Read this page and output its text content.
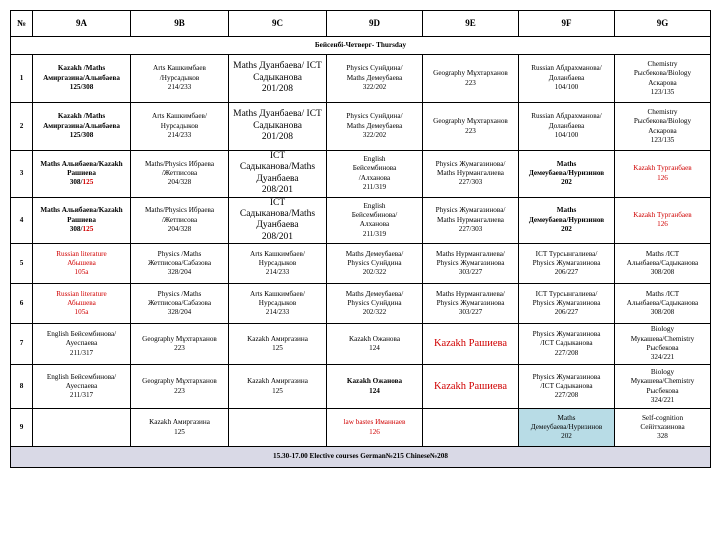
№	9A	9B	9C	9D	9E	9F	9G
Бейсенбі-Четверг- Thursday							
1	Kazakh /Maths
Амиргазина/Альибаева
125/308	Arts Кашкимбаев
/Нурсадыков
214/233	Maths Дуанбаева/ ICT
Садыканова
201/208	Physics Сунйдина/
Maths Демеубаева
322/202	Geography Мұхтарханов
223	Russian Абдрахманова/
Доланбаева
104/100	Chemistry
Рысбекова/Biology
Аскарова
123/135

2	Kazakh /Maths
Амиргазина/Альибаева
125/308	Arts Кашкимбаев/
Нурсадыков
214/233	Maths Дуанбаева/ ICT
Садыканова
201/208	Physics Сунйдина/
Maths Демеубаева
322/202	Geography Мұхтарханов
223	Russian Абдрахманова/
Доланбаева
104/100	Chemistry
Рысбекова/Biology
Аскарова
123/135

3	Maths Альибаева/Kazakh
Рашиева
308/125	Maths/Physics Ибраева
/Жетписова
204/328	ICT
Садыканова/Maths
Дуанбаева
208/201	English
Бейсембинова
/Алханова
211/319	Physics Жумагазинова/
Maths Нурмангалиева
227/303	Maths
Демеубаева/Нуризинов
202	Kazakh Турганбаев
126

4	Maths Альибаева/Kazakh
Рашиева
308/125	Maths/Physics Ибраева
/Жетписова
204/328	ICT
Садыканова/Maths
Дуанбаева
208/201	English
Бейсембинова/
Алханова
211/319	Physics Жумагазинова/
Maths Нурмангалиева
227/303	Maths
Демеубаева/Нуризинов
202	Kazakh Турганбаев
126

5	Russian literature
Абышева
105a	Physics /Maths
Жетписова/Сабазова
328/204	Arts Кашкимбаев/
Нурсадыков
214/233	Maths Демеубаева/
Physics Сунйдина
202/322	Maths Нурмангалиева/
Physics Жумагазинова
303/227	ICT Турсынгалиева/
Physics Жумагазинова
206/227	Maths /ICT
Альибаева/Садыканова
308/208

6	Russian literature
Абышева
105a	Physics /Maths
Жетписова/Сабазова
328/204	Arts Кашкимбаев/
Нурсадыков
214/233	Maths Демеубаева/
Physics Сунйдина
202/322	Maths Нурмангалиева/
Physics Жумагазинова
303/227	ICT Турсынгалиева/
Physics Жумагазинова
206/227	Maths /ICT
Альибаева/Садыканова
308/208

7	English Бейсембинова/
Ауеспаева
211/317	Geography Мұхтарханов
223	Kazakh Амиргазина
125	Kazakh Ожанова
124	Kazakh Рашиева	Physics Жумагазинова
/ICT Садыканова
227/208	Biology
Мукашева/Chemistry
Рысбекова
324/221

8	English Бейсембинова/
Ауеспаева
211/317	Geography Мұхтарханов
223	Kazakh Амиргазина
125	Kazakh Ожанова
124	Kazakh Рашиева	Physics Жумагазинова
/ICT Садыканова
227/208	Biology
Мукашева/Chemistry
Рысбекова
324/221

9		Kazakh Амиргазина
125		law bastes Иманнаев
126		Maths
Демеубаева/Нуризинов
202	Self-cognition
Сейітхазинова
328

15.30-17.00 Elective courses German№215 Chinese№208							
